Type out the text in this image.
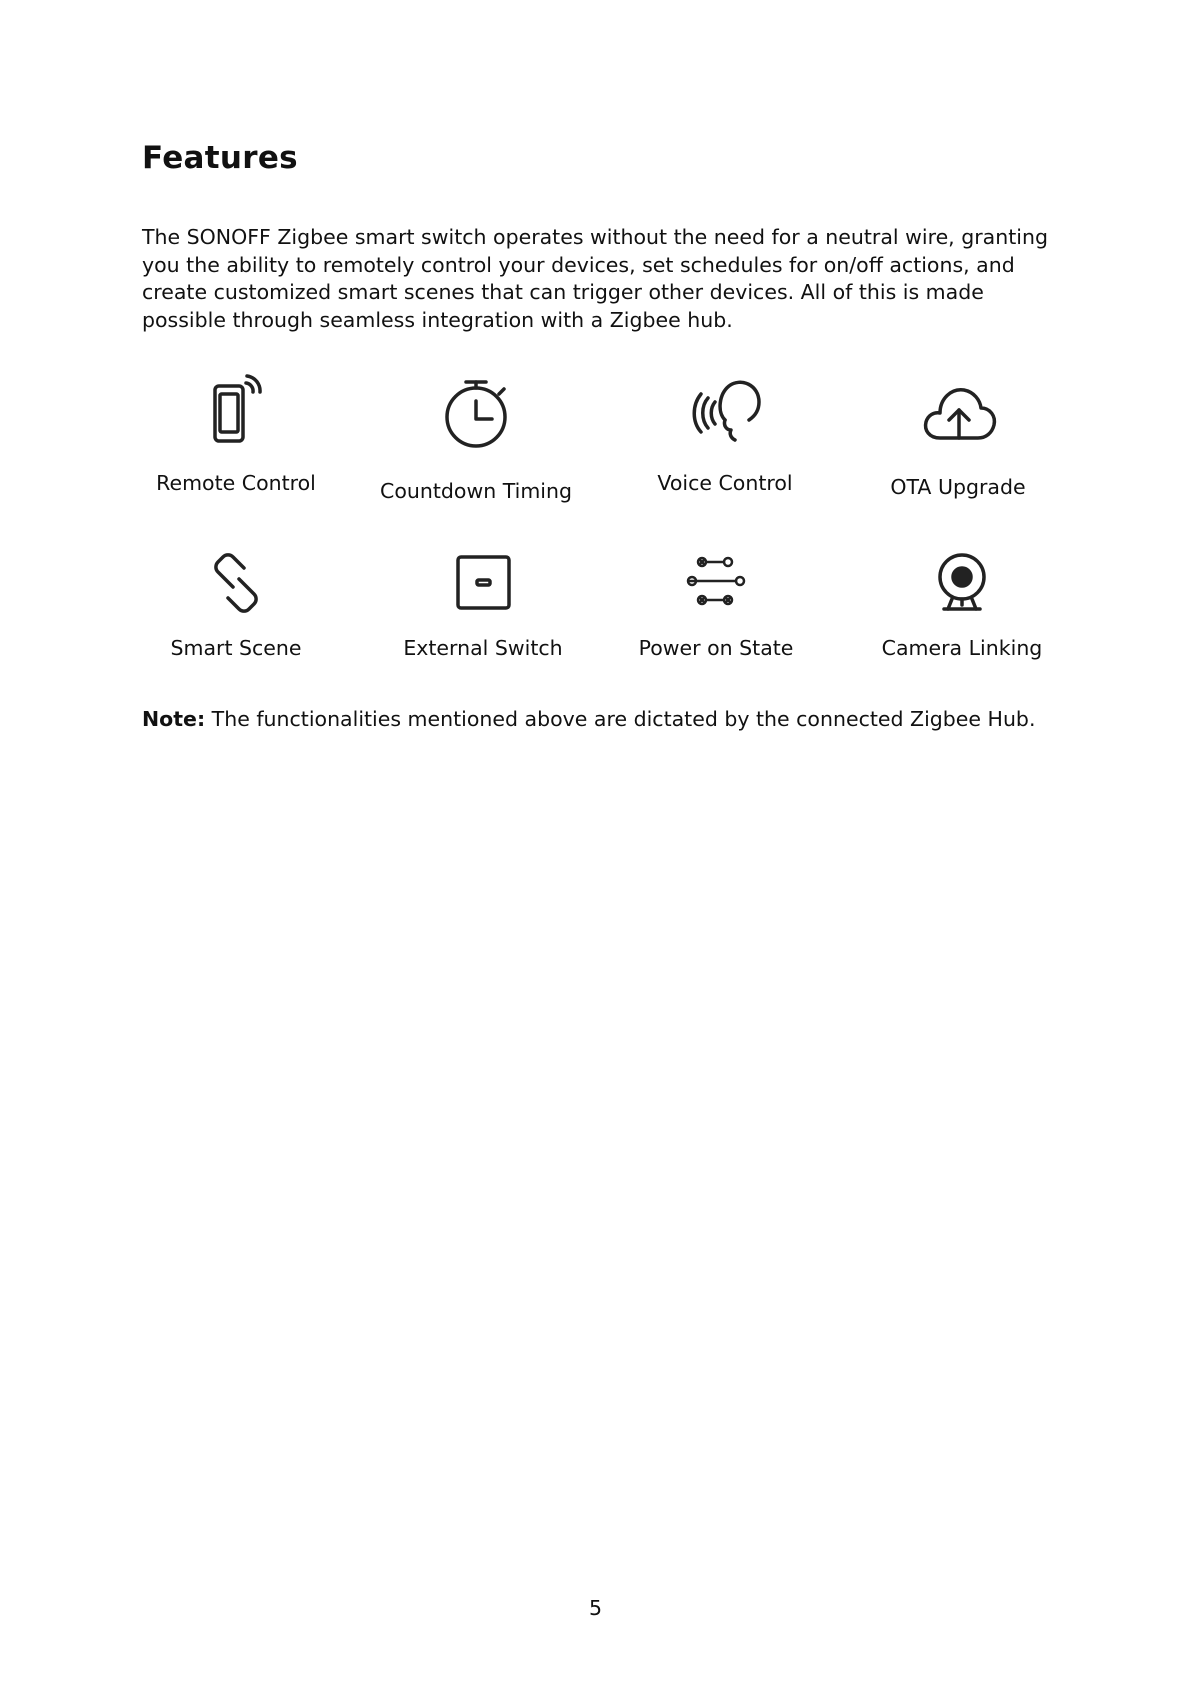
Features

The SONOFF Zigbee smart switch operates without the need for a neutral wire, granting you the ability to remotely control your devices, set schedules for on/off actions, and create customized smart scenes that can trigger other devices. All of this is made possible through seamless integration with a Zigbee hub.

Remote Control	Countdown Timing	Voice Control	OTA Upgrade
Smart Scene	External Switch	Power on State	Camera Linking

Note: The functionalities mentioned above are dictated by the connected Zigbee Hub.

5
